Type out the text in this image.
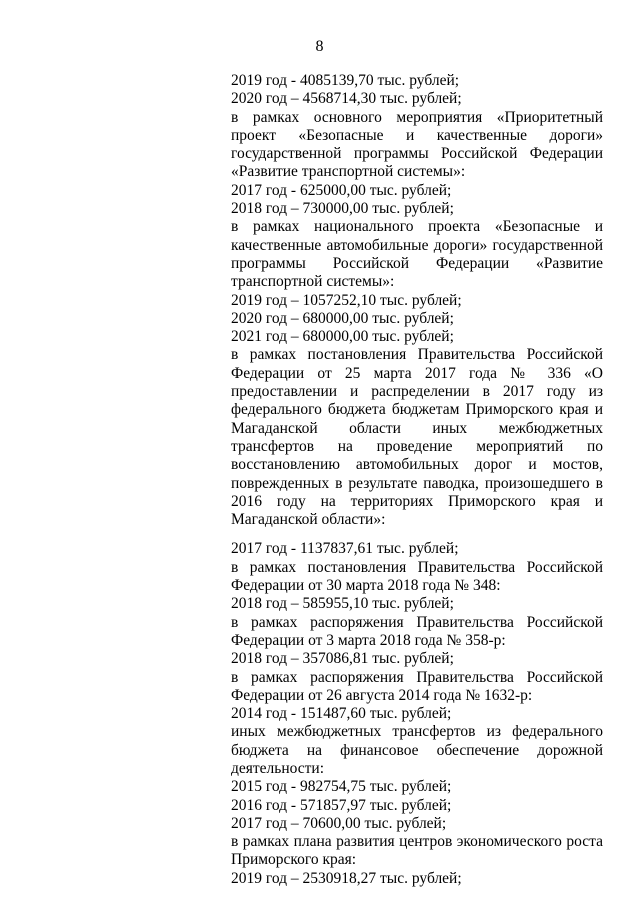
8

2019 год - 4085139,70 тыс. рублей;

2020 год – 4568714,30 тыс. рублей;

в рамках основного мероприятия «Приоритетный проект «Безопасные и качественные дороги» государственной программы Российской Федерации «Развитие транспортной системы»:

2017 год - 625000,00 тыс. рублей;

2018 год – 730000,00 тыс. рублей;

в рамках национального проекта «Безопасные и качественные автомобильные дороги» государственной программы Российской Федерации «Развитие транспортной системы»:

2019 год – 1057252,10 тыс. рублей;

2020 год – 680000,00 тыс. рублей;

2021 год – 680000,00 тыс. рублей;

в рамках постановления Правительства Российской Федерации от 25 марта 2017 года № 336 «О предоставлении и распределении в 2017 году из федерального бюджета бюджетам Приморского края и Магаданской области иных межбюджетных трансфертов на проведение мероприятий по восстановлению автомобильных дорог и мостов, поврежденных в результате паводка, произошедшего в 2016 году на территориях Приморского края и Магаданской области»:

2017 год - 1137837,61 тыс. рублей;

в рамках постановления Правительства Российской Федерации от 30 марта 2018 года № 348:

2018 год – 585955,10 тыс. рублей;

в рамках распоряжения Правительства Российской Федерации от 3 марта 2018 года № 358-р:

2018 год – 357086,81 тыс. рублей;

в рамках распоряжения Правительства Российской Федерации от 26 августа 2014 года № 1632-р:

2014 год - 151487,60 тыс. рублей;

иных межбюджетных трансфертов из федерального бюджета на финансовое обеспечение дорожной деятельности:

2015 год - 982754,75 тыс. рублей;

2016 год - 571857,97 тыс. рублей;

2017 год – 70600,00 тыс. рублей;

в рамках плана развития центров экономического роста Приморского края:

2019 год – 2530918,27 тыс. рублей;
